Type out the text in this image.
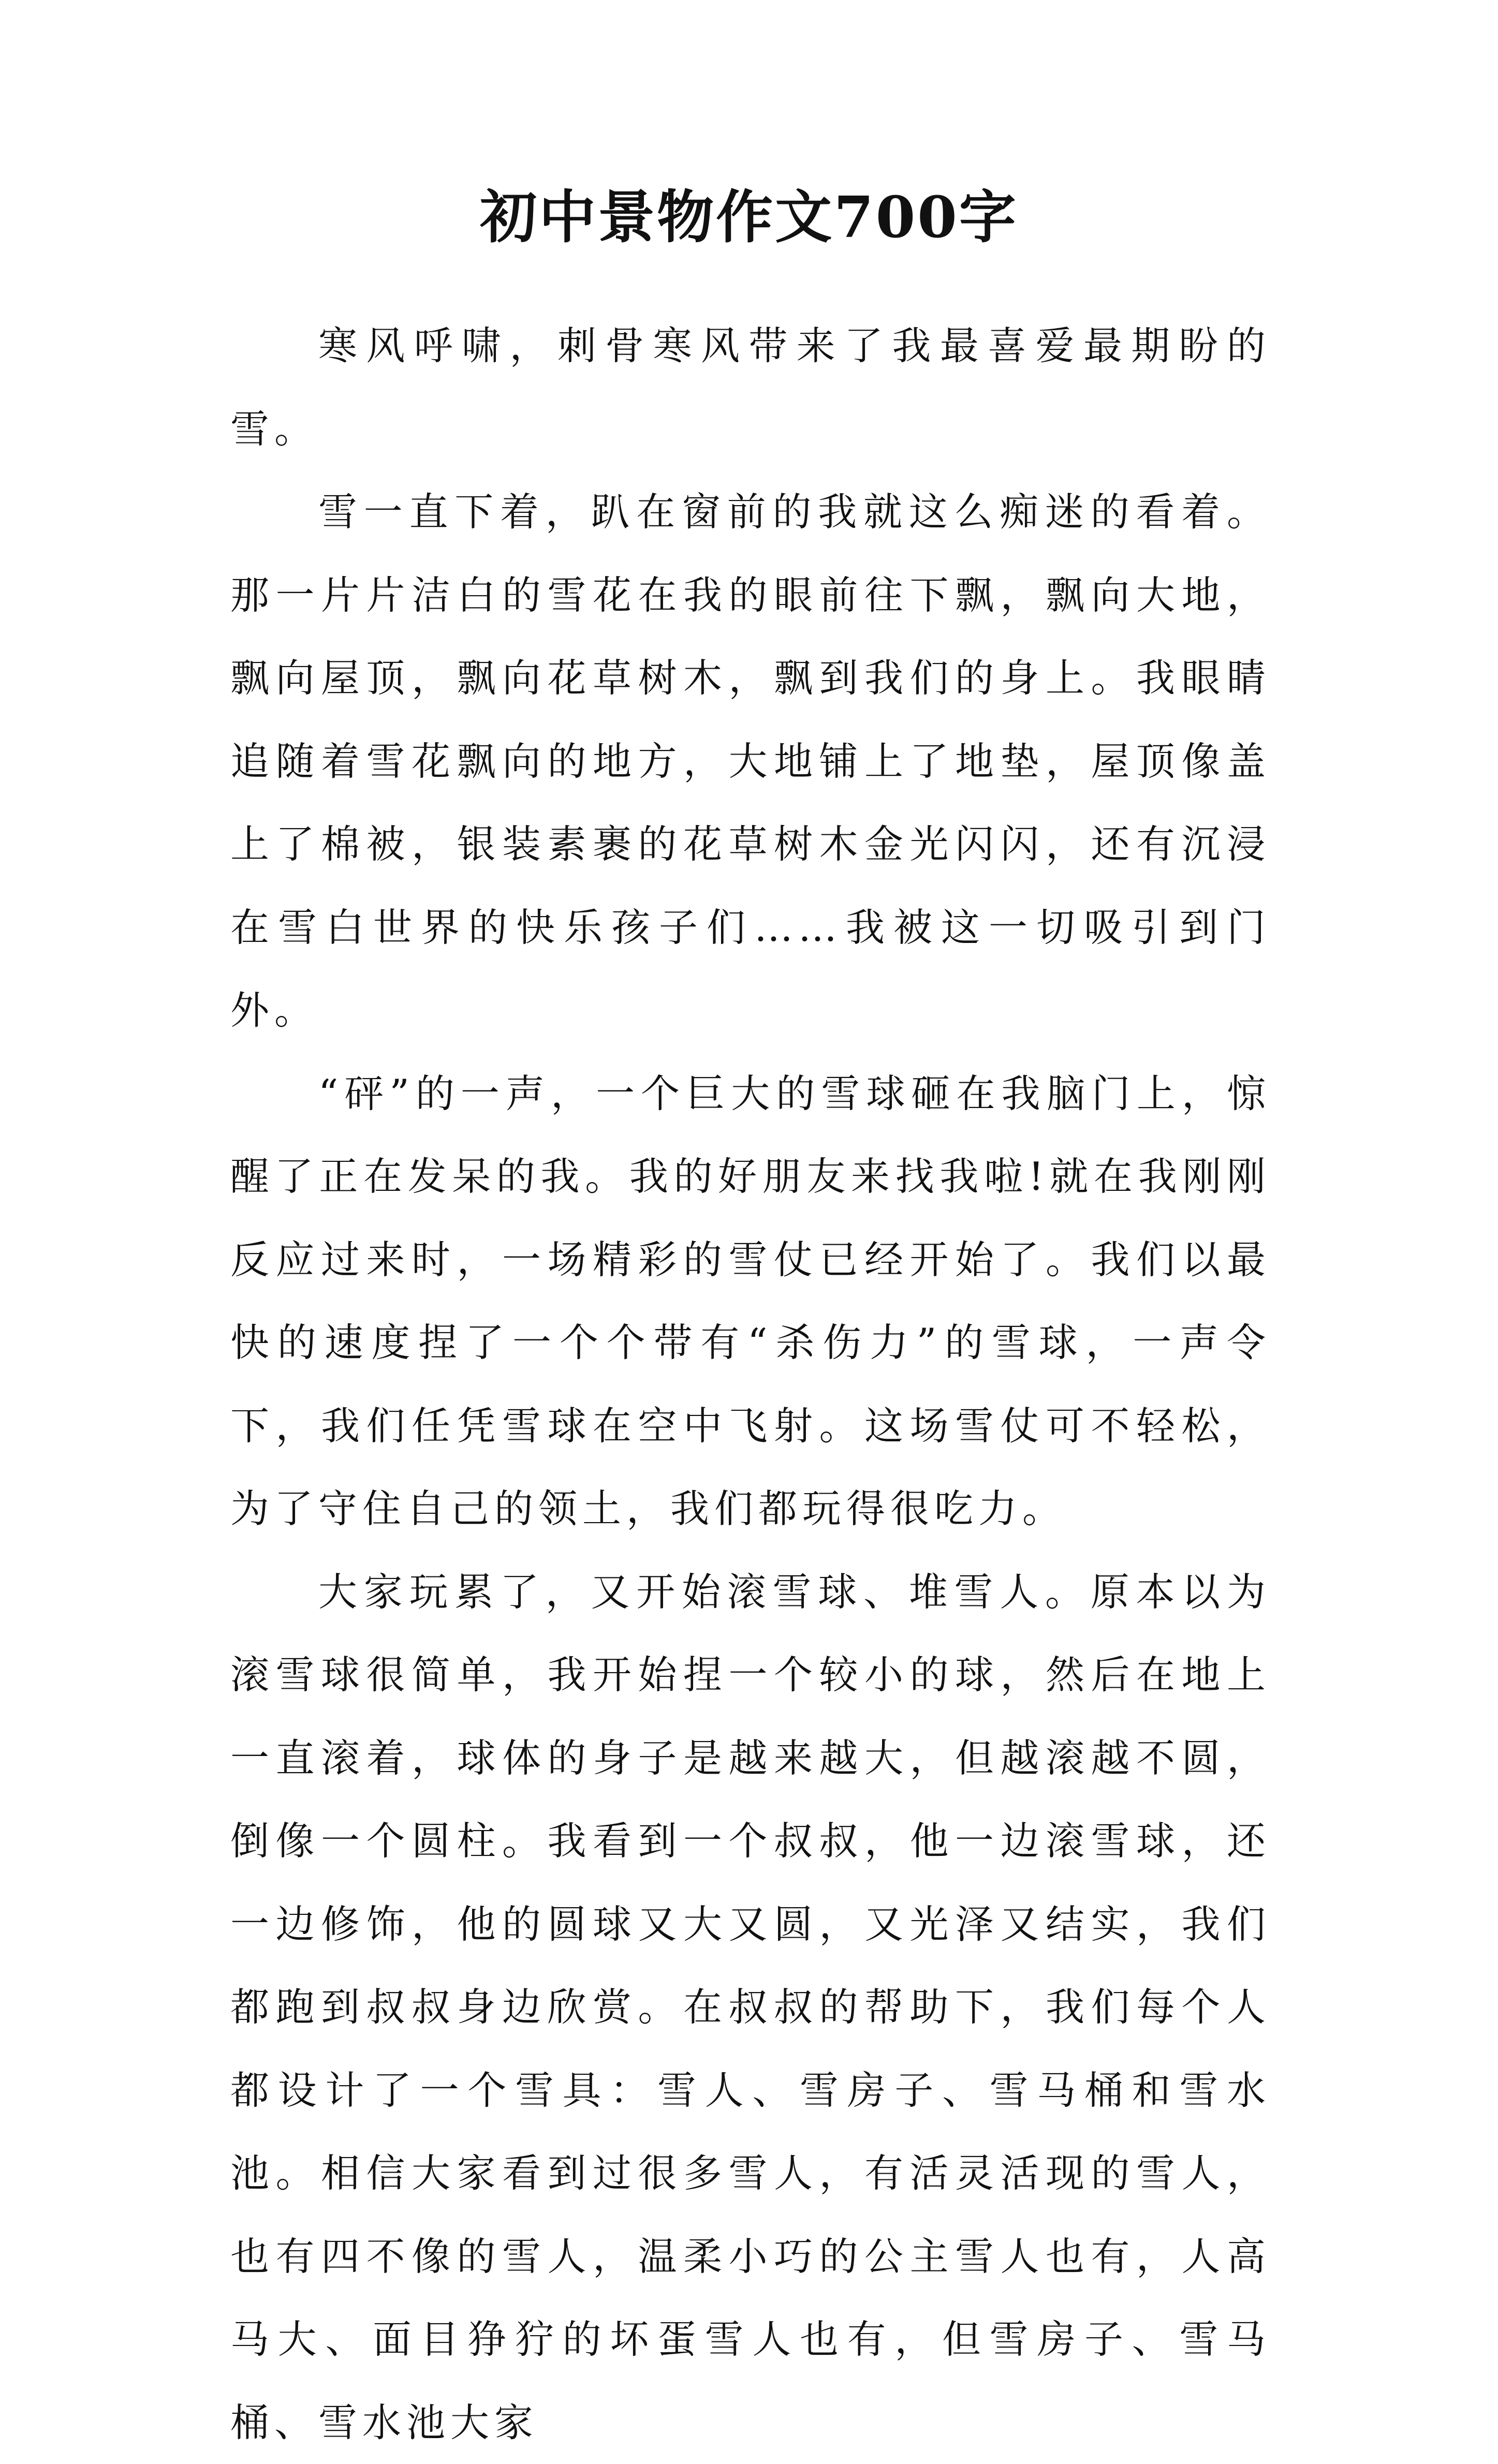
初中景物作文700字

寒风呼啸，刺骨寒风带来了我最喜爱最期盼的雪。

雪一直下着，趴在窗前的我就这么痴迷的看着。那一片片洁白的雪花在我的眼前往下飘，飘向大地，飘向屋顶，飘向花草树木，飘到我们的身上。我眼睛追随着雪花飘向的地方，大地铺上了地垫，屋顶像盖上了棉被，银装素裹的花草树木金光闪闪，还有沉浸在雪白世界的快乐孩子们……我被这一切吸引到门外。

“砰”的一声，一个巨大的雪球砸在我脑门上，惊醒了正在发呆的我。我的好朋友来找我啦!就在我刚刚反应过来时，一场精彩的雪仗已经开始了。我们以最快的速度捏了一个个带有“杀伤力”的雪球，一声令下，我们任凭雪球在空中飞射。这场雪仗可不轻松，为了守住自己的领土，我们都玩得很吃力。

大家玩累了，又开始滚雪球、堆雪人。原本以为滚雪球很简单，我开始捏一个较小的球，然后在地上一直滚着，球体的身子是越来越大，但越滚越不圆，倒像一个圆柱。我看到一个叔叔，他一边滚雪球，还一边修饰，他的圆球又大又圆，又光泽又结实，我们都跑到叔叔身边欣赏。在叔叔的帮助下，我们每个人都设计了一个雪具：雪人、雪房子、雪马桶和雪水池。相信大家看到过很多雪人，有活灵活现的雪人，也有四不像的雪人，温柔小巧的公主雪人也有，人高马大、面目狰狞的坏蛋雪人也有，但雪房子、雪马桶、雪水池大家
